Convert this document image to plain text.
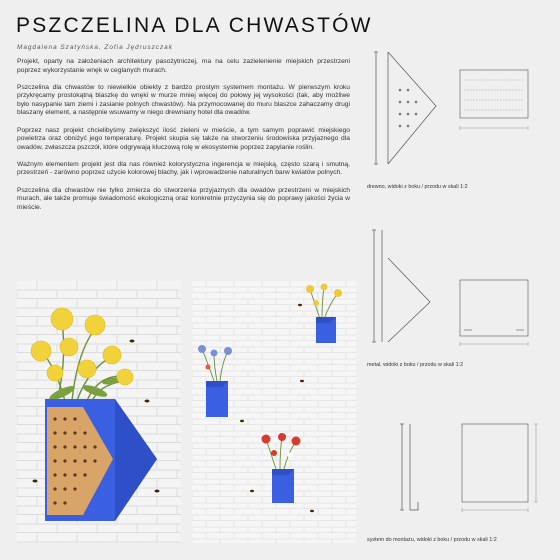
PSZCZELINA DLA CHWASTÓW
Magdalena Szatyńska, Zofia Jędruszczak

Projekt, oparty na założeniach architektury pasożytniczej, ma na celu zazielenienie miejskich przestrzeni poprzez wykorzystanie wnęk w ceglanych murach.

Pszczelina dla chwastów to niewielkie obiekty z bardzo prostym systemem montażu. W pierwszym kroku przykręcamy prostokątną blaszkę do wnęki w murze mniej więcej do połowy jej wysokości (tak, aby możliwe było nasypanie tam ziemi i zasianie polnych chwastów). Na przymocowanej do muru blaszce zahaczamy drugi blaszany element, a następnie wsuwamy w niego drewniany hotel dla owadów.

Poprzez nasz projekt chcielibyśmy zwiększyć ilość zieleni w mieście, a tym samym poprawić miejskiego powietrza oraz obniżyć jego temperaturę. Projekt skupia się także na stworzeniu środowiska przyjaznego dla owadów, zwłaszcza pszczół, które odgrywają kluczową rolę w ekosystemie poprzez zapylanie roślin.

Ważnym elementem projekt jest dla nas również kolorystyczna ingerencja w miejską, często szarą i smutną, przestrzeń - zarówno poprzez użycie kolorowej blachy, jak i wprowadzenie naturalnych barw kwiatów polnych.

Pszczelina dla chwastów nie tylko zmierza do stworzenia przyjaznych dla owadów przestrzeni w miejskich murach, ale także promuje świadomość ekologiczną oraz konkretnie przyczynia się do poprawy jakości życia w mieście.

drewno, widoki z boku / przodu w skali 1:2
metal, widoki z boku / przodu w skali 1:2
system do montażu, widoki z boku / przodu w skali 1:2
